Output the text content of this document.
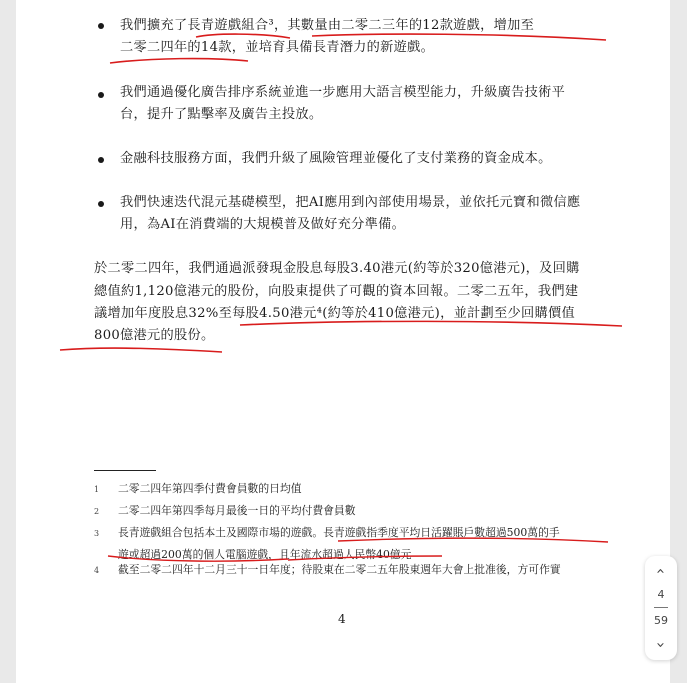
我們擴充了長青遊戲組合³，其數量由二零二三年的12款遊戲，增加至
二零二四年的14款，並培育具備長青潛力的新遊戲。
我們通過優化廣告排序系統並進一步應用大語言模型能力，升級廣告技術平
台，提升了點擊率及廣告主投放。
金融科技服務方面，我們升級了風險管理並優化了支付業務的資金成本。
我們快速迭代混元基礎模型，把AI應用到內部使用場景，並依托元寶和微信應
用，為AI在消費端的大規模普及做好充分準備。
於二零二四年，我們通過派發現金股息每股3.40港元(約等於320億港元)，及回購
總值約1,120億港元的股份，向股東提供了可觀的資本回報。二零二五年，我們建
議增加年度股息32%至每股4.50港元⁴(約等於410億港元)，並計劃至少回購價值
800億港元的股份。
1 二零二四年第四季付費會員數的日均值
2 二零二四年第四季每月最後一日的平均付費會員數
3 長青遊戲組合包括本土及國際市場的遊戲。長青遊戲指季度平均日活躍賬戶數超過500萬的手
遊或超過200萬的個人電腦遊戲，且年流水超過人民幣40億元
4 截至二零二四年十二月三十一日年度；待股東在二零二五年股東週年大會上批准後，方可作實
4
‹
4
59
›
